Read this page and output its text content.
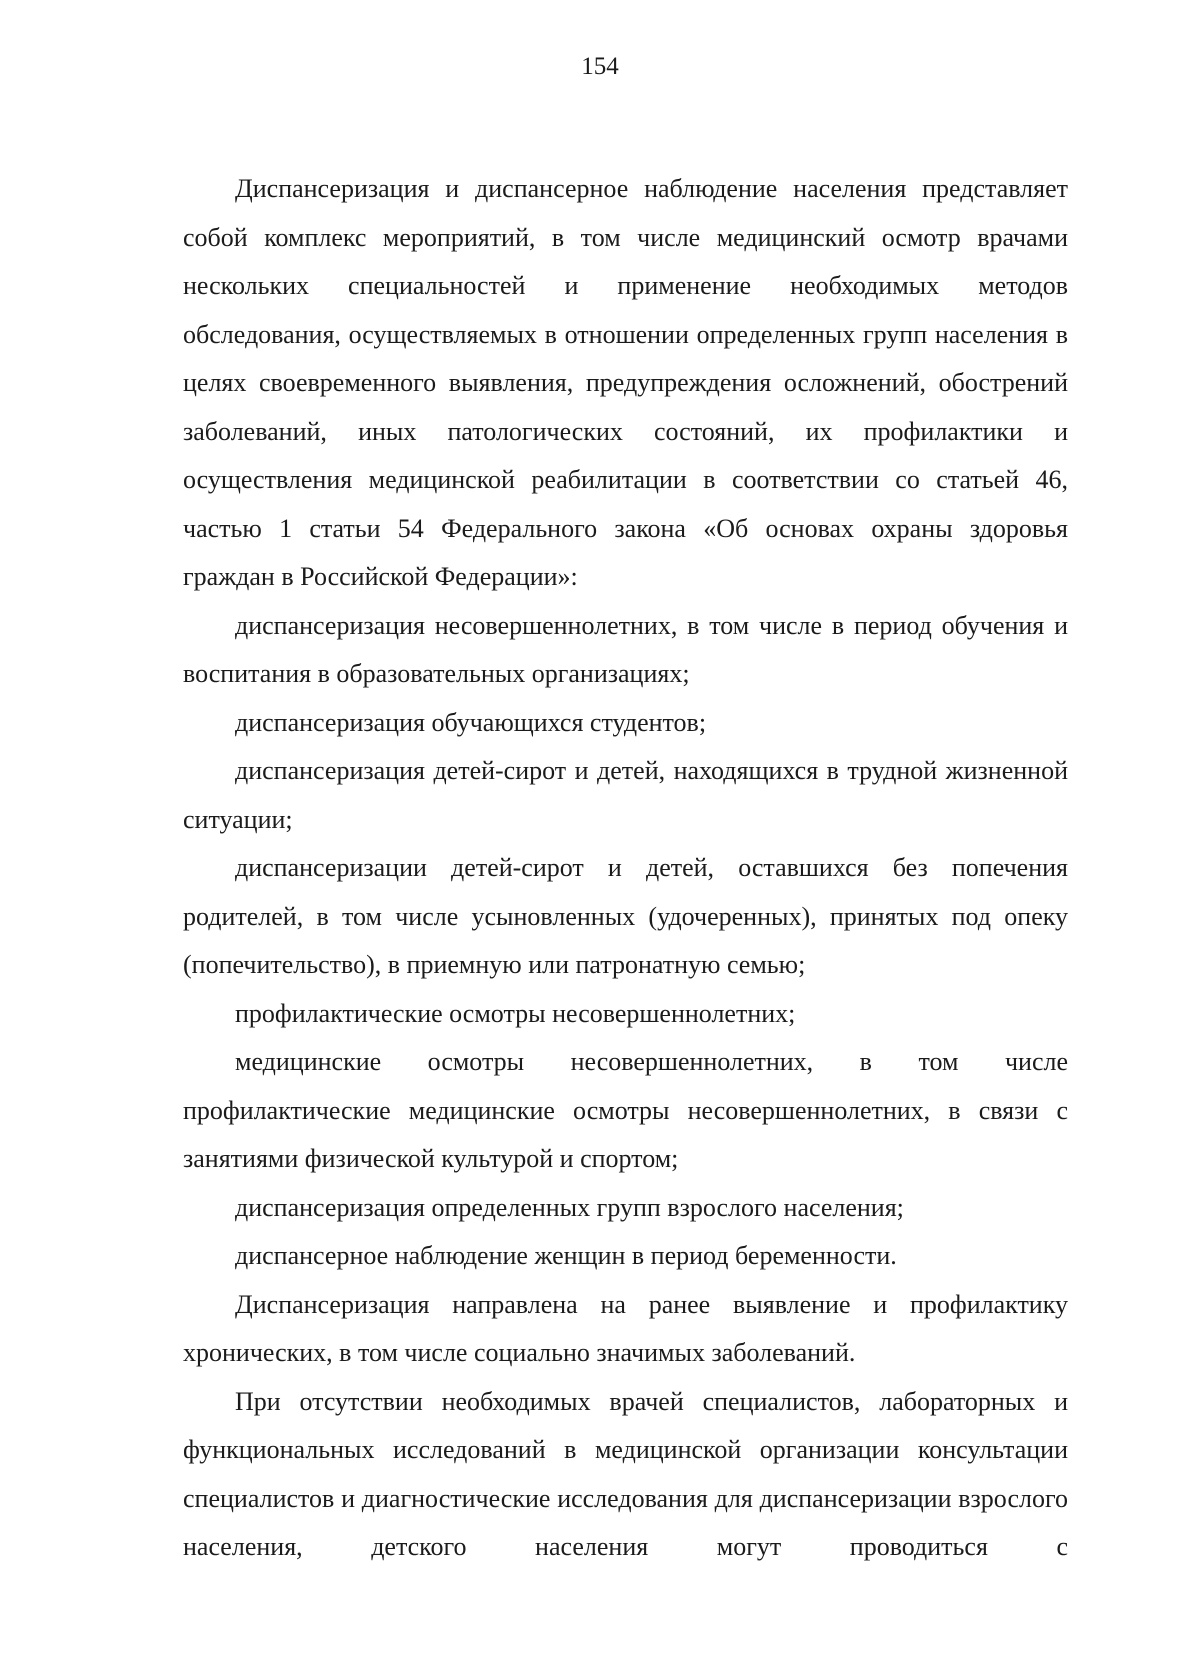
154

Диспансеризация и диспансерное наблюдение населения представляет собой комплекс мероприятий, в том числе медицинский осмотр врачами нескольких специальностей и применение необходимых методов обследования, осуществляемых в отношении определенных групп населения в целях своевременного выявления, предупреждения осложнений, обострений заболеваний, иных патологических состояний, их профилактики и осуществления медицинской реабилитации в соответствии со статьей 46, частью 1 статьи 54 Федерального закона «Об основах охраны здоровья граждан в Российской Федерации»:

диспансеризация несовершеннолетних, в том числе в период обучения и воспитания в образовательных организациях;

диспансеризация обучающихся студентов;

диспансеризация детей-сирот и детей, находящихся в трудной жизненной ситуации;

диспансеризации детей-сирот и детей, оставшихся без попечения родителей, в том числе усыновленных (удочеренных), принятых под опеку (попечительство), в приемную или патронатную семью;

профилактические осмотры несовершеннолетних;

медицинские осмотры несовершеннолетних, в том числе профилактические медицинские осмотры несовершеннолетних, в связи с занятиями физической культурой и спортом;

диспансеризация определенных групп взрослого населения;

диспансерное наблюдение женщин в период беременности.

Диспансеризация направлена на ранее выявление и профилактику хронических, в том числе социально значимых заболеваний.

При отсутствии необходимых врачей специалистов, лабораторных и функциональных исследований в медицинской организации консультации специалистов и диагностические исследования для диспансеризации взрослого населения, детского населения могут проводиться с
